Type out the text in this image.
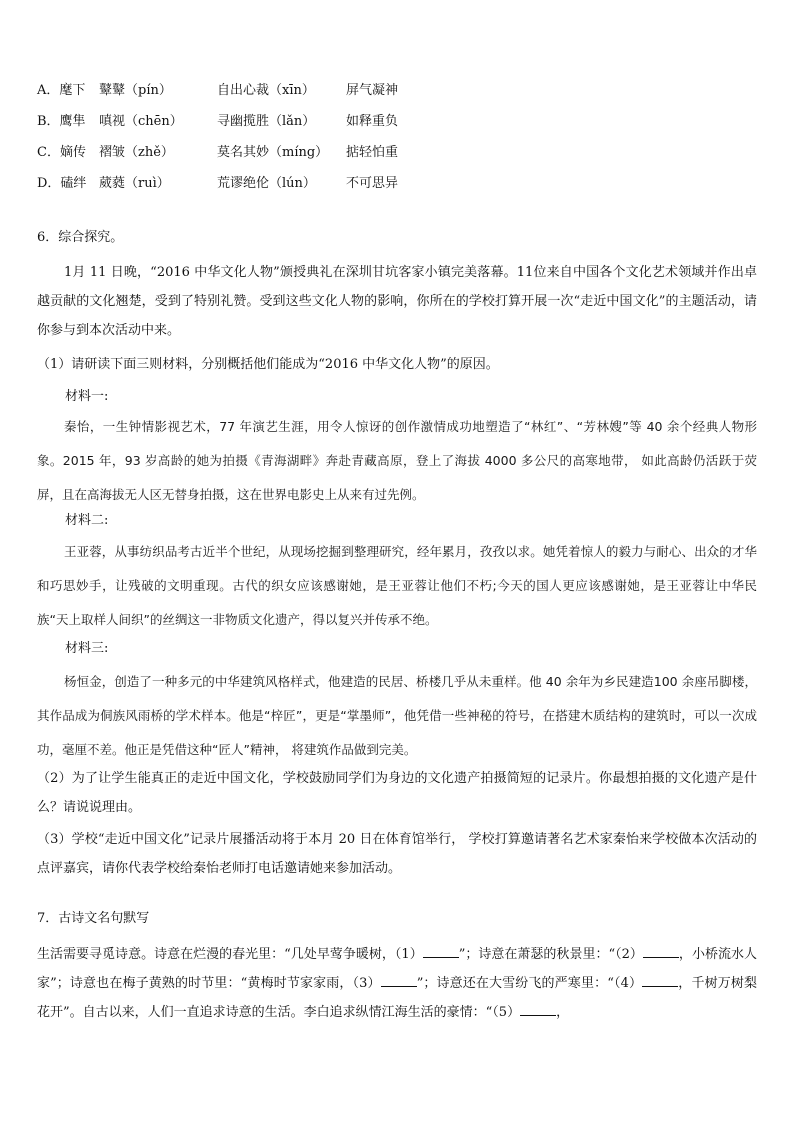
A．麾下 鼙鼙（pín）	自出心裁（xīn） 屏气凝神
B．鹰隼 嗔视（chēn）	寻幽揽胜（lǎn） 如释重负
C．嫡传 褶皱（zhě）	莫名其妙（míng） 掂轻怕重
D．磕绊 葳蕤（ruì）	荒谬绝伦（lún） 不可思异
6．综合探究。

1月 11 日晚，“2016 中华文化人物”颁授典礼在深圳甘坑客家小镇完美落幕。11位来自中国各个文化艺术领域并作出卓越贡献的文化翘楚，受到了特别礼赞。受到这些文化人物的影响，你所在的学校打算开展一次“走近中国文化”的主题活动，请你参与到本次活动中来。

（1）请研读下面三则材料，分别概括他们能成为“2016 中华文化人物”的原因。

材料一:

秦怡，一生钟情影视艺术，77 年演艺生涯，用令人惊讶的创作激情成功地塑造了“林红”、“芳林嫂”等 40 余个经典人物形象。2015 年，93 岁高龄的她为拍摄《青海湖畔》奔赴青藏高原，登上了海拔 4000 多公尺的高寒地带， 如此高龄仍活跃于荧屏，且在高海拔无人区无替身拍摄，这在世界电影史上从来有过先例。

材料二:

王亚蓉，从事纺织品考古近半个世纪，从现场挖掘到整理研究，经年累月，孜孜以求。她凭着惊人的毅力与耐心、出众的才华和巧思妙手，让残破的文明重现。古代的织女应该感谢她，是王亚蓉让他们不朽;今天的国人更应该感谢她，是王亚蓉让中华民族“天上取样人间织”的丝绸这一非物质文化遗产，得以复兴并传承不绝。

材料三:

杨恒金，创造了一种多元的中华建筑风格样式，他建造的民居、桥楼几乎从未重样。他 40 余年为乡民建造100 余座吊脚楼，其作品成为侗族风雨桥的学术样本。他是“梓匠”，更是“掌墨师”，他凭借一些神秘的符号，在搭建木质结构的建筑时，可以一次成功，毫厘不差。他正是凭借这种“匠人”精神， 将建筑作品做到完美。

（2）为了让学生能真正的走近中国文化，学校鼓励同学们为身边的文化遗产拍摄简短的记录片。你最想拍摄的文化遗产是什么？请说说理由。

（3）学校“走近中国文化”记录片展播活动将于本月 20 日在体育馆举行， 学校打算邀请著名艺术家秦怡来学校做本次活动的点评嘉宾，请你代表学校给秦怡老师打电话邀请她来参加活动。

7．古诗文名句默写

生活需要寻觅诗意。诗意在烂漫的春光里：“几处早莺争暖树，（1）	”；诗意在萧瑟的秋景里：“（2）	，小桥流水人家”；诗意也在梅子黄熟的时节里：“黄梅时节家家雨，（3）	”；诗意还在大雪纷飞的严寒里：“（4）	，千树万树梨花开”。自古以来，人们一直追求诗意的生活。李白追求纵情江海生活的豪情：“（5）	，
